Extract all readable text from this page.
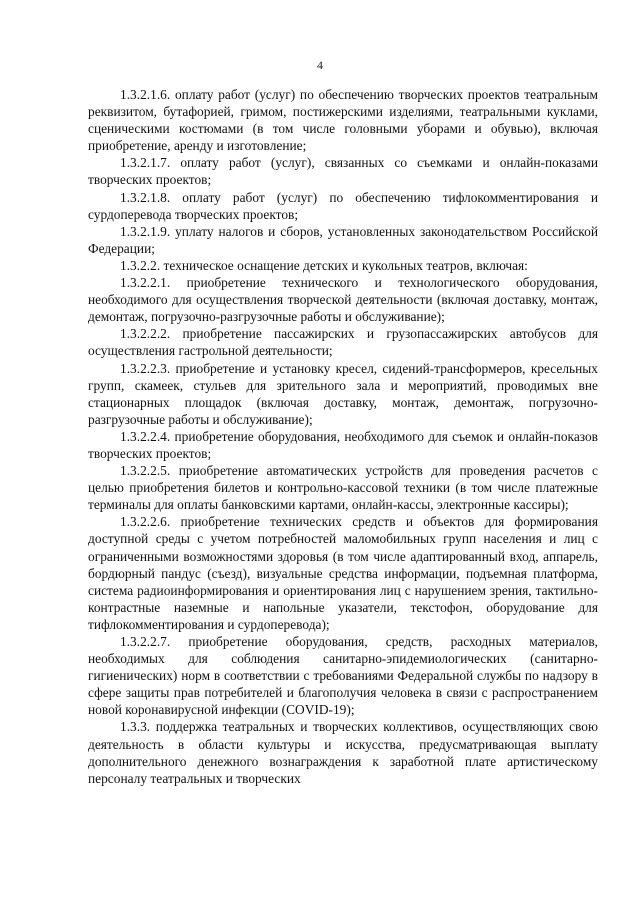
4

1.3.2.1.6. оплату работ (услуг) по обеспечению творческих проектов театральным реквизитом, бутафорией, гримом, постижерскими изделиями, театральными куклами, сценическими костюмами (в том числе головными уборами и обувью), включая приобретение, аренду и изготовление;

1.3.2.1.7. оплату работ (услуг), связанных со съемками и онлайн-показами творческих проектов;

1.3.2.1.8. оплату работ (услуг) по обеспечению тифлокомментирования и сурдоперевода творческих проектов;

1.3.2.1.9. уплату налогов и сборов, установленных законодательством Российской Федерации;

1.3.2.2. техническое оснащение детских и кукольных театров, включая:

1.3.2.2.1. приобретение технического и технологического оборудования, необходимого для осуществления творческой деятельности (включая доставку, монтаж, демонтаж, погрузочно-разгрузочные работы и обслуживание);

1.3.2.2.2. приобретение пассажирских и грузопассажирских автобусов для осуществления гастрольной деятельности;

1.3.2.2.3. приобретение и установку кресел, сидений-трансформеров, кресельных групп, скамеек, стульев для зрительного зала и мероприятий, проводимых вне стационарных площадок (включая доставку, монтаж, демонтаж, погрузочно-разгрузочные работы и обслуживание);

1.3.2.2.4. приобретение оборудования, необходимого для съемок и онлайн-показов творческих проектов;

1.3.2.2.5. приобретение автоматических устройств для проведения расчетов с целью приобретения билетов и контрольно-кассовой техники (в том числе платежные терминалы для оплаты банковскими картами, онлайн-кассы, электронные кассиры);

1.3.2.2.6. приобретение технических средств и объектов для формирования доступной среды с учетом потребностей маломобильных групп населения и лиц с ограниченными возможностями здоровья (в том числе адаптированный вход, аппарель, бордюрный пандус (съезд), визуальные средства информации, подъемная платформа, система радиоинформирования и ориентирования лиц с нарушением зрения, тактильно-контрастные наземные и напольные указатели, текстофон, оборудование для тифлокомментирования и сурдоперевода);

1.3.2.2.7. приобретение оборудования, средств, расходных материалов, необходимых для соблюдения санитарно-эпидемиологических (санитарно-гигиенических) норм в соответствии с требованиями Федеральной службы по надзору в сфере защиты прав потребителей и благополучия человека в связи с распространением новой коронавирусной инфекции (COVID-19);

1.3.3. поддержка театральных и творческих коллективов, осуществляющих свою деятельность в области культуры и искусства, предусматривающая выплату дополнительного денежного вознаграждения к заработной плате артистическому персоналу театральных и творческих
